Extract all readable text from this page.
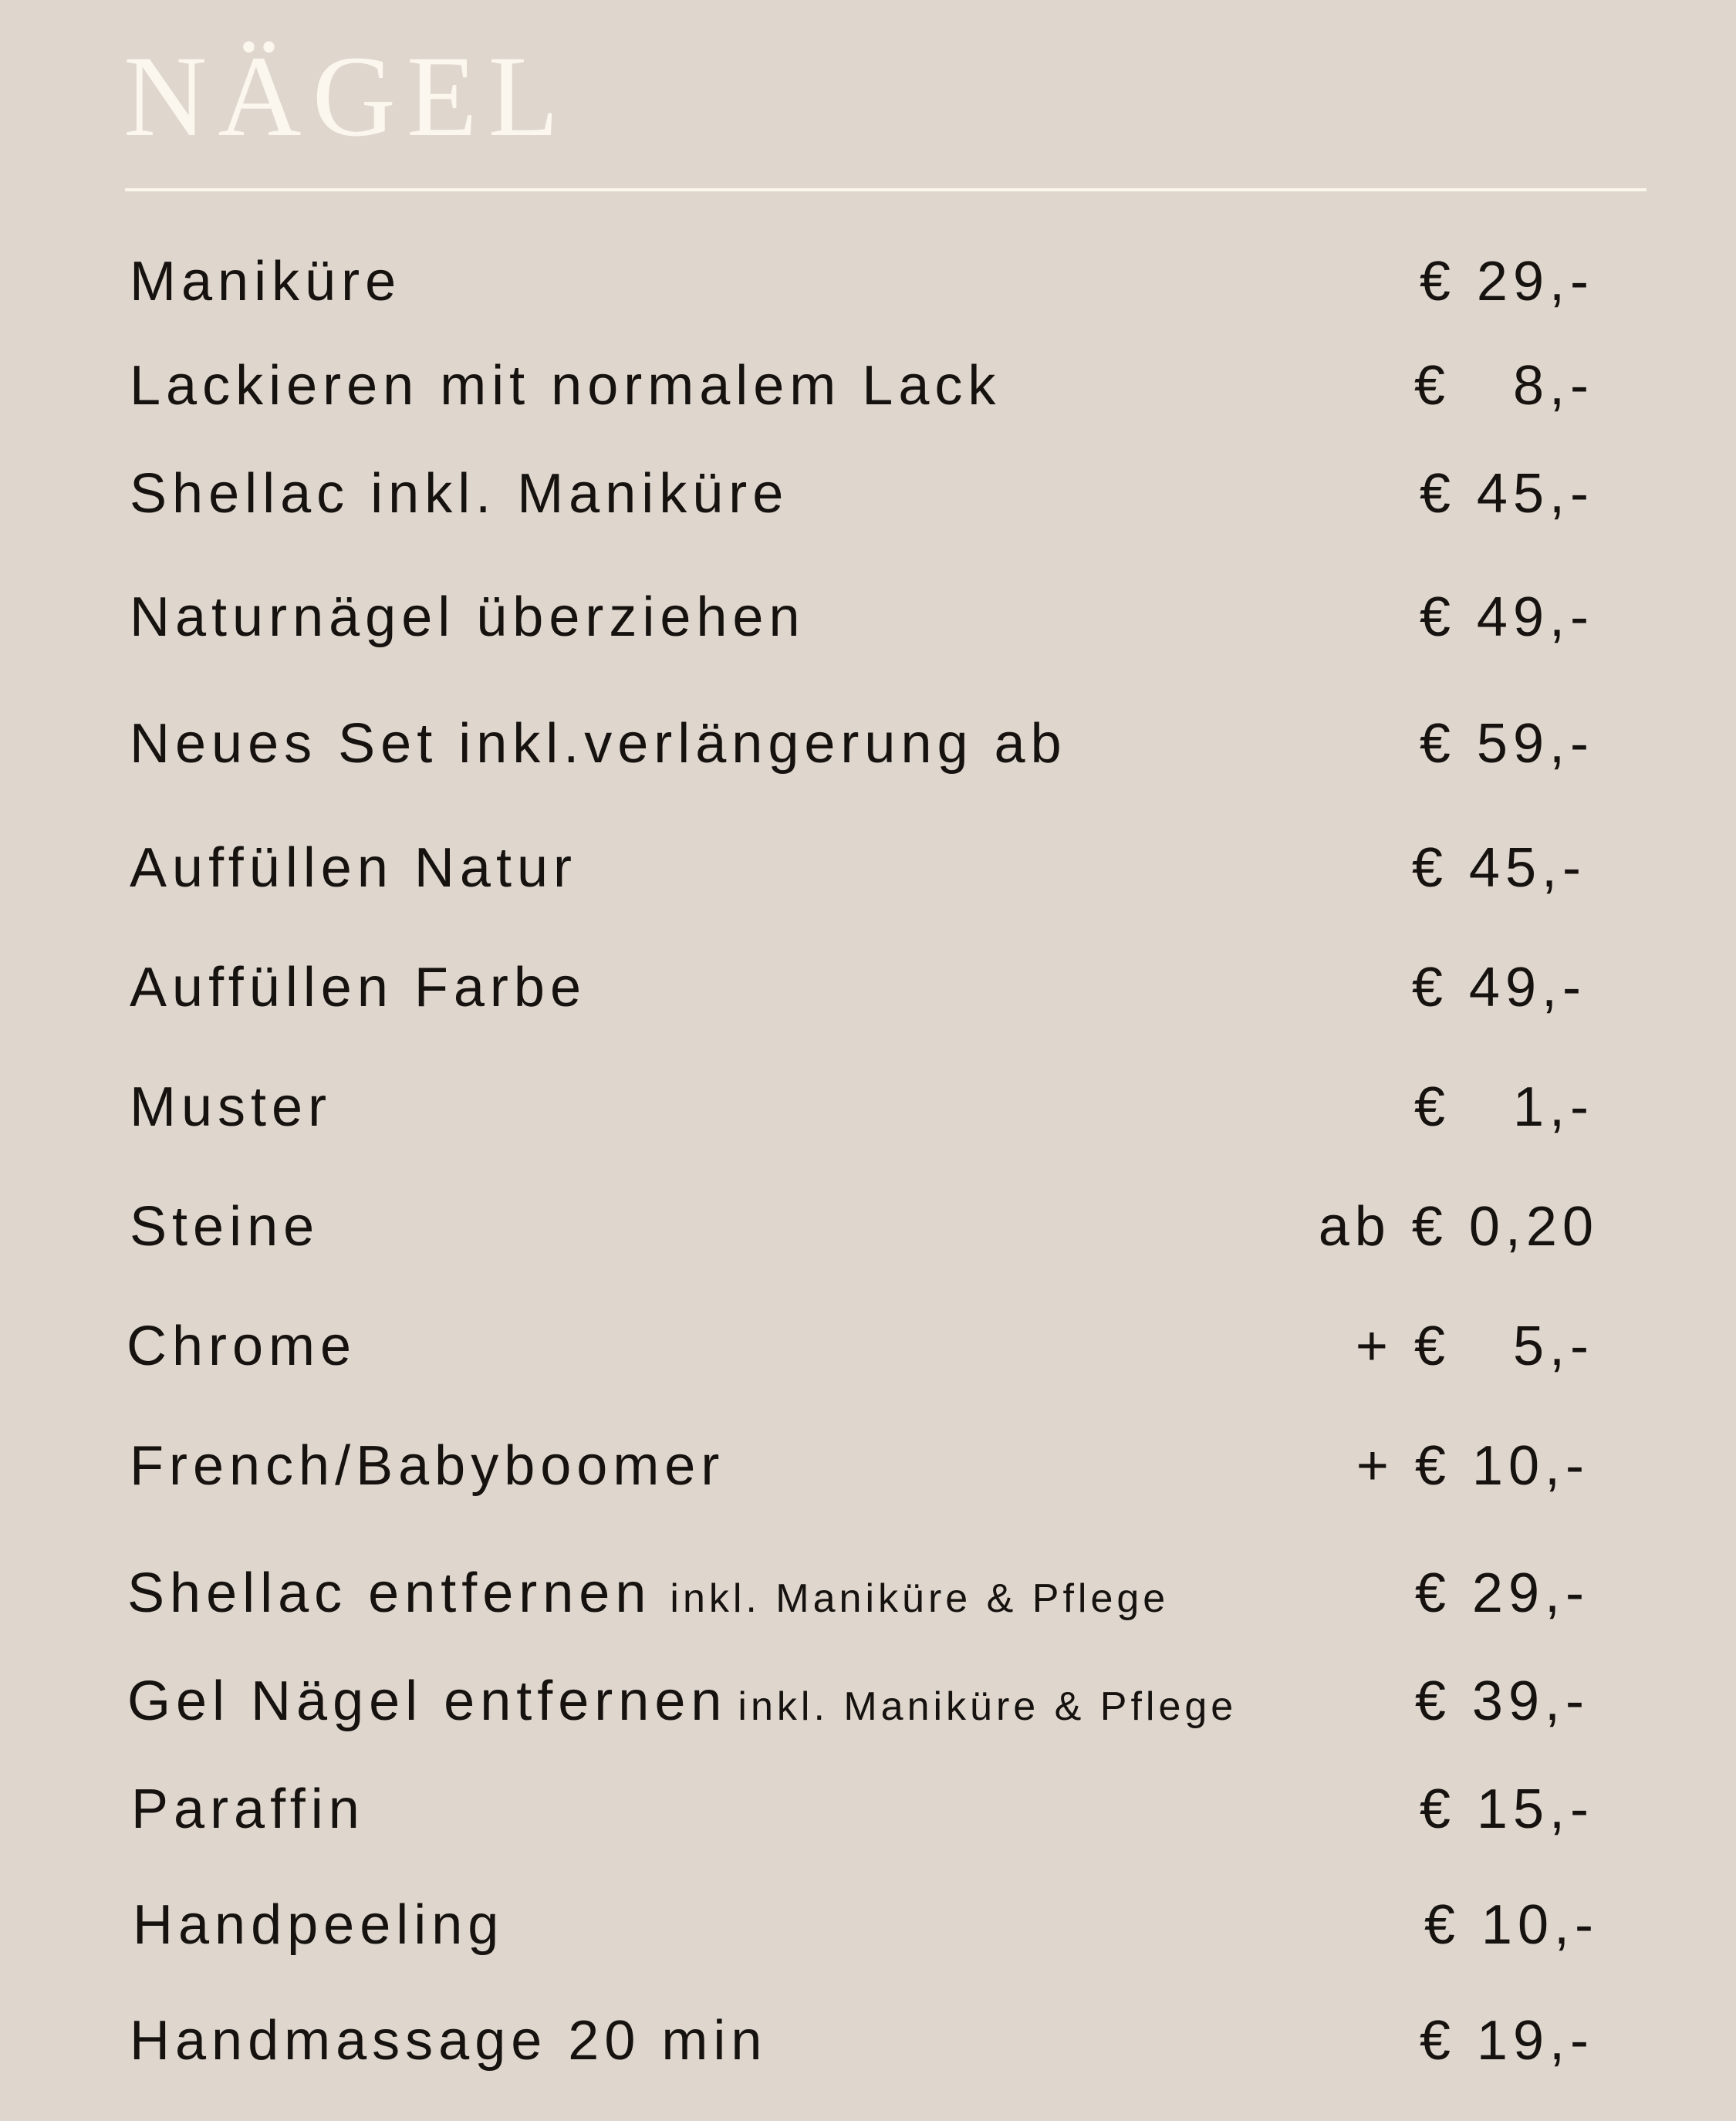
NÄGEL
Maniküre	€ 29,-
Lackieren mit normalem Lack	€   8,-
Shellac inkl. Maniküre	€ 45,-
Naturnägel überziehen	€ 49,-
Neues Set inkl.verlängerung ab	€ 59,-
Auffüllen Natur	€ 45,-
Auffüllen Farbe	€ 49,-
Muster	€   1,-
Steine	ab € 0,20
Chrome	+ €   5,-
French/Babyboomer	+ € 10,-
Shellac entfernen inkl. Maniküre & Pflege	€ 29,-
Gel Nägel entfernen inkl. Maniküre & Pflege	€ 39,-
Paraffin	€ 15,-
Handpeeling	€ 10,-
Handmassage 20 min	€ 19,-
